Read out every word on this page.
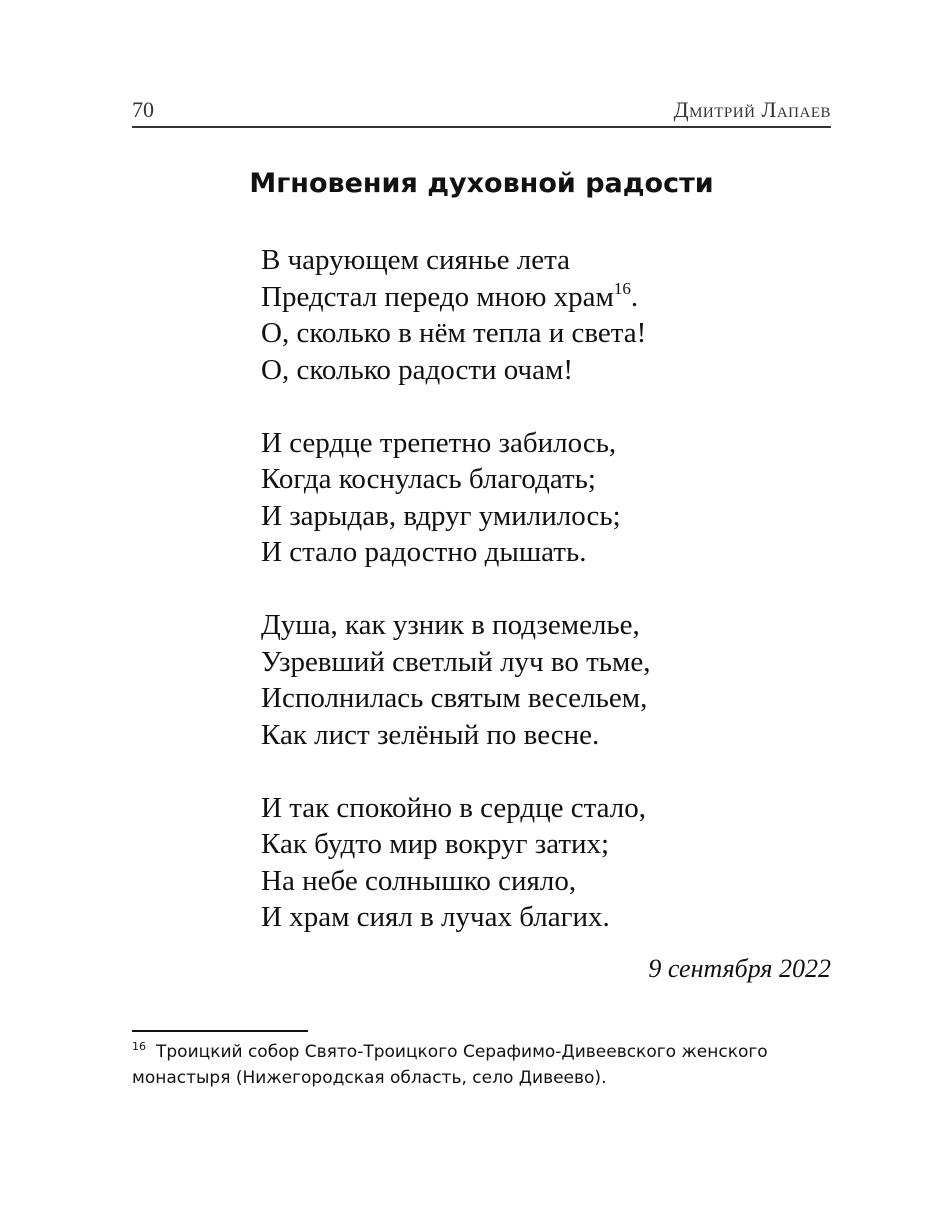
70	Дмитрий Лапаев
Мгновения духовной радости
В чарующем сиянье лета
Предстал передо мною храм$^{16}$.
О, сколько в нём тепла и света!
О, сколько радости очам!
И сердце трепетно забилось,
Когда коснулась благодать;
И зарыдав, вдруг умилилось;
И стало радостно дышать.
Душа, как узник в подземелье,
Узревший светлый луч во тьме,
Исполнилась святым весельем,
Как лист зелёный по весне.
И так спокойно в сердце стало,
Как будто мир вокруг затих;
На небе солнышко сияло,
И храм сиял в лучах благих.
9 сентября 2022
$^{16}$ Троицкий собор Свято-Троицкого Серафимо-Дивеевского женского монастыря (Нижегородская область, село Дивеево).
